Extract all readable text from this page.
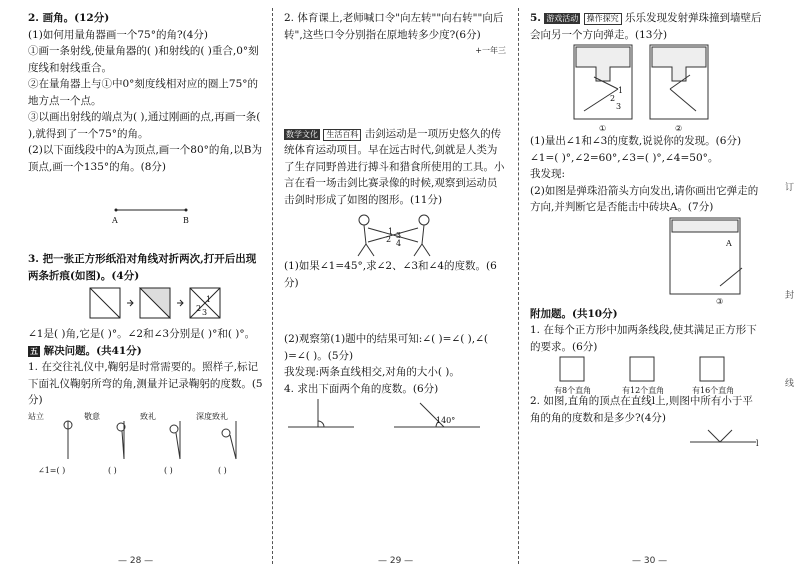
2. 画角。(12分)

(1)如何用量角器画一个75°的角?(4分)

①画一条射线,使量角器的( )和射线的( )重合,0°刻度线和射线重合。

②在量角器上与①中0°刻度线相对应的圈上75°的地方点一个点。

③以画出射线的端点为( ),通过刚画的点,再画一条( ),就得到了一个75°的角。

(2)以下面线段中的A为顶点,画一个80°的角,以B为顶点,画一个135°的角。(8分)

A	B

3. 把一张正方形纸沿对角线对折两次,打开后出现两条折痕(如图)。(4分)

1
2 3

∠1是( )角,它是( )°。∠2和∠3分别是( )°和( )°。

五 解决问题。(共41分)

1. 在交往礼仪中,鞠躬是时常需要的。照样子,标记下面礼仪鞠躬所弯的角,测量并记录鞠躬的度数。(5分)

站立	敬意	致礼	深度致礼
∠1=( )	( )	( )	( )
— 28 —

2. 体育课上,老师喊口令"向左转""向右转""向后转",这些口令分别指在原地转多少度?(6分)

+一年三

数学文化 生活百科 击剑运动是一项历史悠久的传统体育运动项目。早在远古时代,剑就是人类为了生存同野兽进行搏斗和猎食所使用的工具。小言在看一场击剑比赛录像的时候,观察到运动员击剑时形成了如图的图形。(11分)

1 3
2 4

(1)如果∠1=45°,求∠2、∠3和∠4的度数。(6分)

(2)观察第(1)题中的结果可知:∠( )=∠( ),∠( )=∠( )。(5分)

我发现:两条直线相交,对角的大小( )。

4. 求出下面两个角的度数。(6分)

140°
— 29 —

5. 游戏活动 操作探究 乐乐发现发射弹珠撞到墙壁后会向另一个方向弹走。(13分)

1
2
3
①	②

(1)量出∠1和∠3的度数,说说你的发现。(6分)

∠1=( )°,∠2=60°,∠3=( )°,∠4=50°。

我发现:

(2)如图是弹珠沿箭头方向发出,请你画出它弹走的方向,并判断它是否能击中砖块A。(7分)

A
③

附加题。(共10分)

1. 在每个正方形中加两条线段,使其满足正方形下的要求。(6分)

有8个直角	有12个直角	有16个直角

2. 如图,直角的顶点在直线l上,则图中所有小于平角的角的度数和是多少?(4分)

l
— 30 —
订
封
线
